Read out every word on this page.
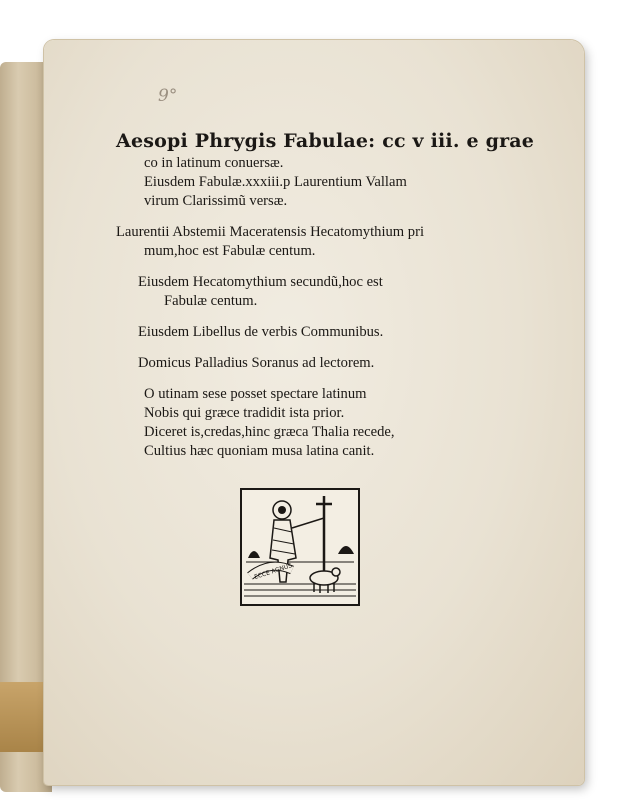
9°

Aesopi Phrygis Fabulae: cc v iii. e grae

co in latinum conuersæ.

Eiusdem Fabulæ.xxxiii.p Laurentium Vallam

virum Clarissimũ versæ.

Laurentii Abstemii Maceratensis Hecatomythium pri

mum,hoc est Fabulæ centum.

Eiusdem Hecatomythium secundũ,hoc est

Fabulæ centum.

Eiusdem Libellus de verbis Communibus.

Domicus Palladius Soranus ad lectorem.

O utinam sese posset spectare latinum

Nobis qui græce tradidit ista prior.

Diceret is,credas,hinc græca Thalia recede,

Cultius hæc quoniam musa latina canit.

ECCE AGNUS
